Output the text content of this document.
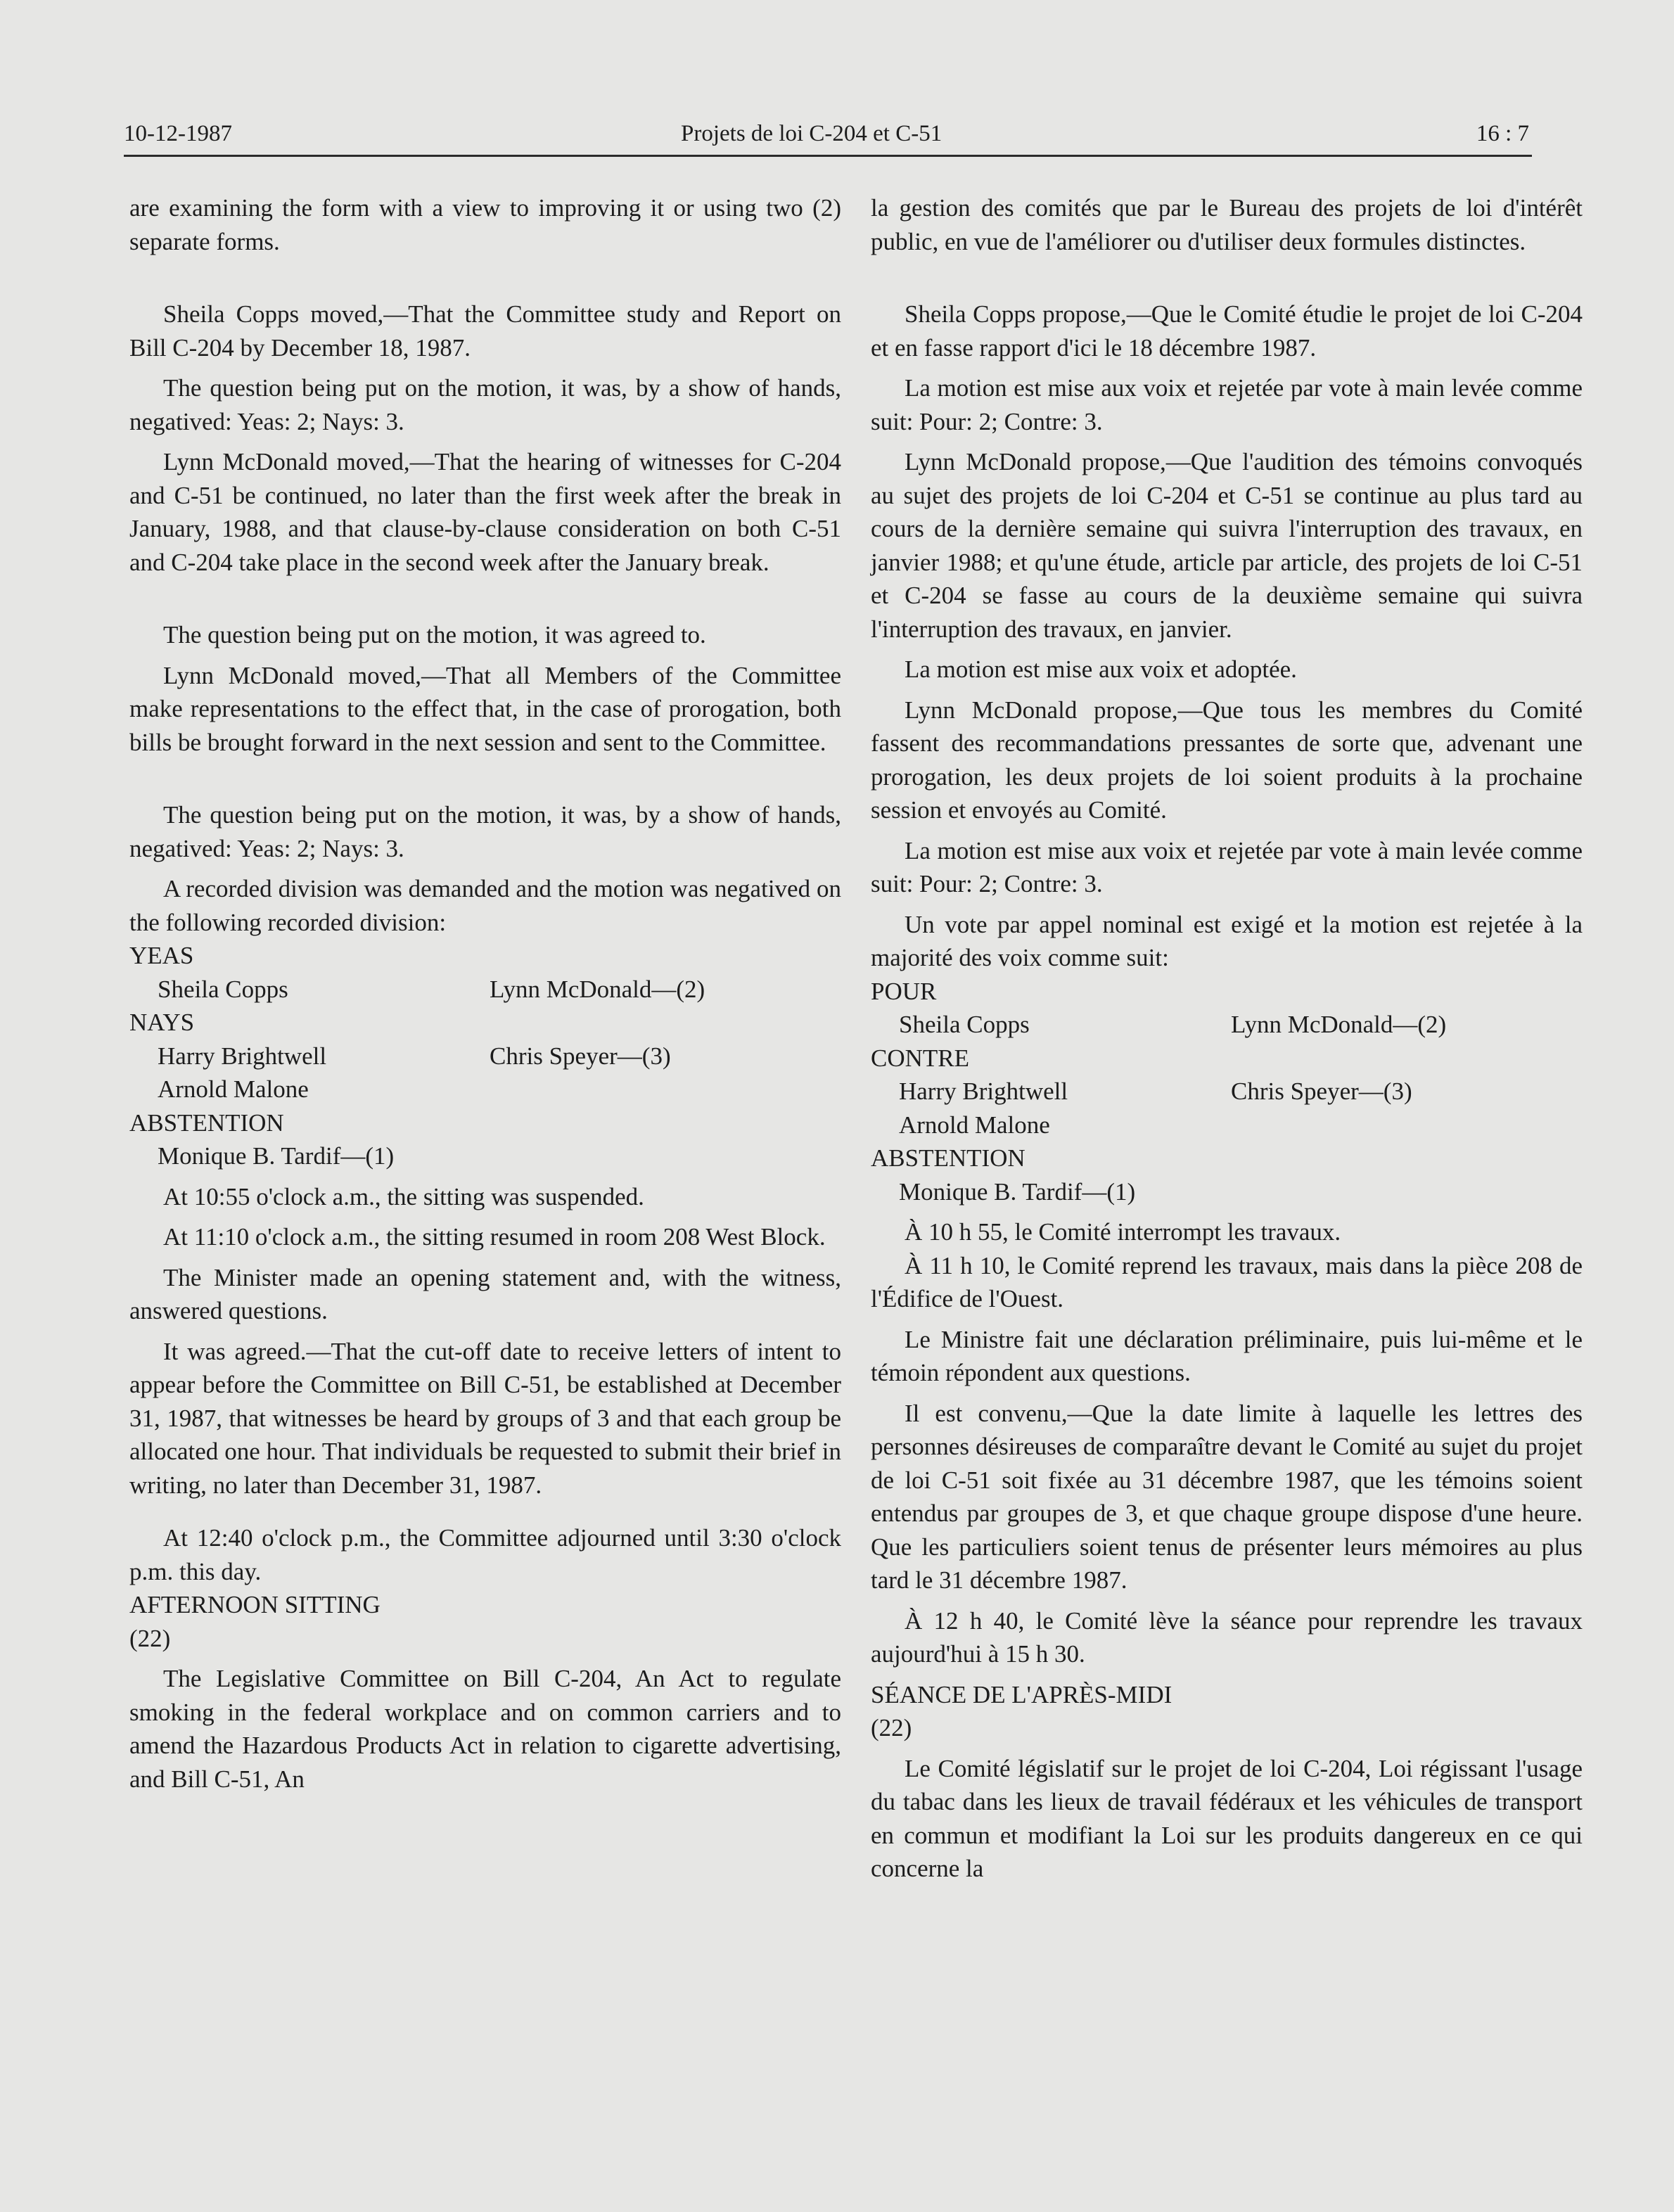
10-12-1987	Projets de loi C-204 et C-51	16 : 7

are examining the form with a view to improving it or using two (2) separate forms.

Sheila Copps moved,—That the Committee study and Report on Bill C-204 by December 18, 1987.

The question being put on the motion, it was, by a show of hands, negatived: Yeas: 2; Nays: 3.

Lynn McDonald moved,—That the hearing of witnesses for C-204 and C-51 be continued, no later than the first week after the break in January, 1988, and that clause-by-clause consideration on both C-51 and C-204 take place in the second week after the January break.

The question being put on the motion, it was agreed to.

Lynn McDonald moved,—That all Members of the Committee make representations to the effect that, in the case of prorogation, both bills be brought forward in the next session and sent to the Committee.

The question being put on the motion, it was, by a show of hands, negatived: Yeas: 2; Nays: 3.

A recorded division was demanded and the motion was negatived on the following recorded division:

YEAS

Sheila Copps	Lynn McDonald—(2)

NAYS

Harry Brightwell	Chris Speyer—(3)
Arnold Malone

ABSTENTION

Monique B. Tardif—(1)

At 10:55 o'clock a.m., the sitting was suspended.

At 11:10 o'clock a.m., the sitting resumed in room 208 West Block.

The Minister made an opening statement and, with the witness, answered questions.

It was agreed.—That the cut-off date to receive letters of intent to appear before the Committee on Bill C-51, be established at December 31, 1987, that witnesses be heard by groups of 3 and that each group be allocated one hour. That individuals be requested to submit their brief in writing, no later than December 31, 1987.

At 12:40 o'clock p.m., the Committee adjourned until 3:30 o'clock p.m. this day.

AFTERNOON SITTING

(22)

The Legislative Committee on Bill C-204, An Act to regulate smoking in the federal workplace and on common carriers and to amend the Hazardous Products Act in relation to cigarette advertising, and Bill C-51, An

la gestion des comités que par le Bureau des projets de loi d'intérêt public, en vue de l'améliorer ou d'utiliser deux formules distinctes.

Sheila Copps propose,—Que le Comité étudie le projet de loi C-204 et en fasse rapport d'ici le 18 décembre 1987.

La motion est mise aux voix et rejetée par vote à main levée comme suit: Pour: 2; Contre: 3.

Lynn McDonald propose,—Que l'audition des témoins convoqués au sujet des projets de loi C-204 et C-51 se continue au plus tard au cours de la dernière semaine qui suivra l'interruption des travaux, en janvier 1988; et qu'une étude, article par article, des projets de loi C-51 et C-204 se fasse au cours de la deuxième semaine qui suivra l'interruption des travaux, en janvier.

La motion est mise aux voix et adoptée.

Lynn McDonald propose,—Que tous les membres du Comité fassent des recommandations pressantes de sorte que, advenant une prorogation, les deux projets de loi soient produits à la prochaine session et envoyés au Comité.

La motion est mise aux voix et rejetée par vote à main levée comme suit: Pour: 2; Contre: 3.

Un vote par appel nominal est exigé et la motion est rejetée à la majorité des voix comme suit:

POUR

Sheila Copps	Lynn McDonald—(2)

CONTRE

Harry Brightwell	Chris Speyer—(3)
Arnold Malone

ABSTENTION

Monique B. Tardif—(1)

À 10 h 55, le Comité interrompt les travaux.

À 11 h 10, le Comité reprend les travaux, mais dans la pièce 208 de l'Édifice de l'Ouest.

Le Ministre fait une déclaration préliminaire, puis lui-même et le témoin répondent aux questions.

Il est convenu,—Que la date limite à laquelle les lettres des personnes désireuses de comparaître devant le Comité au sujet du projet de loi C-51 soit fixée au 31 décembre 1987, que les témoins soient entendus par groupes de 3, et que chaque groupe dispose d'une heure. Que les particuliers soient tenus de présenter leurs mémoires au plus tard le 31 décembre 1987.

À 12 h 40, le Comité lève la séance pour reprendre les travaux aujourd'hui à 15 h 30.

SÉANCE DE L'APRÈS-MIDI

(22)

Le Comité législatif sur le projet de loi C-204, Loi régissant l'usage du tabac dans les lieux de travail fédéraux et les véhicules de transport en commun et modifiant la Loi sur les produits dangereux en ce qui concerne la
